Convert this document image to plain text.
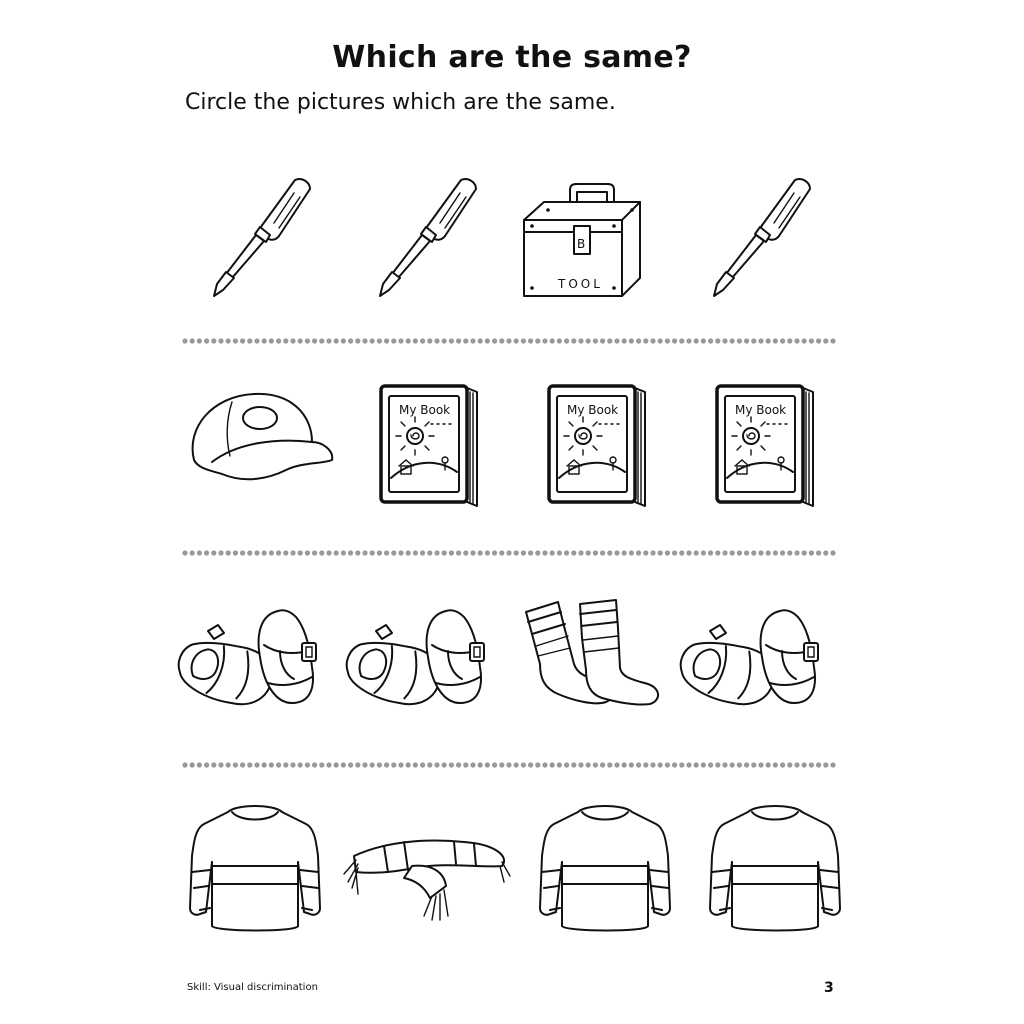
Which are the same?
Circle the pictures which are the same.
B
TOOL
My Book
Skill: Visual discrimination	3
